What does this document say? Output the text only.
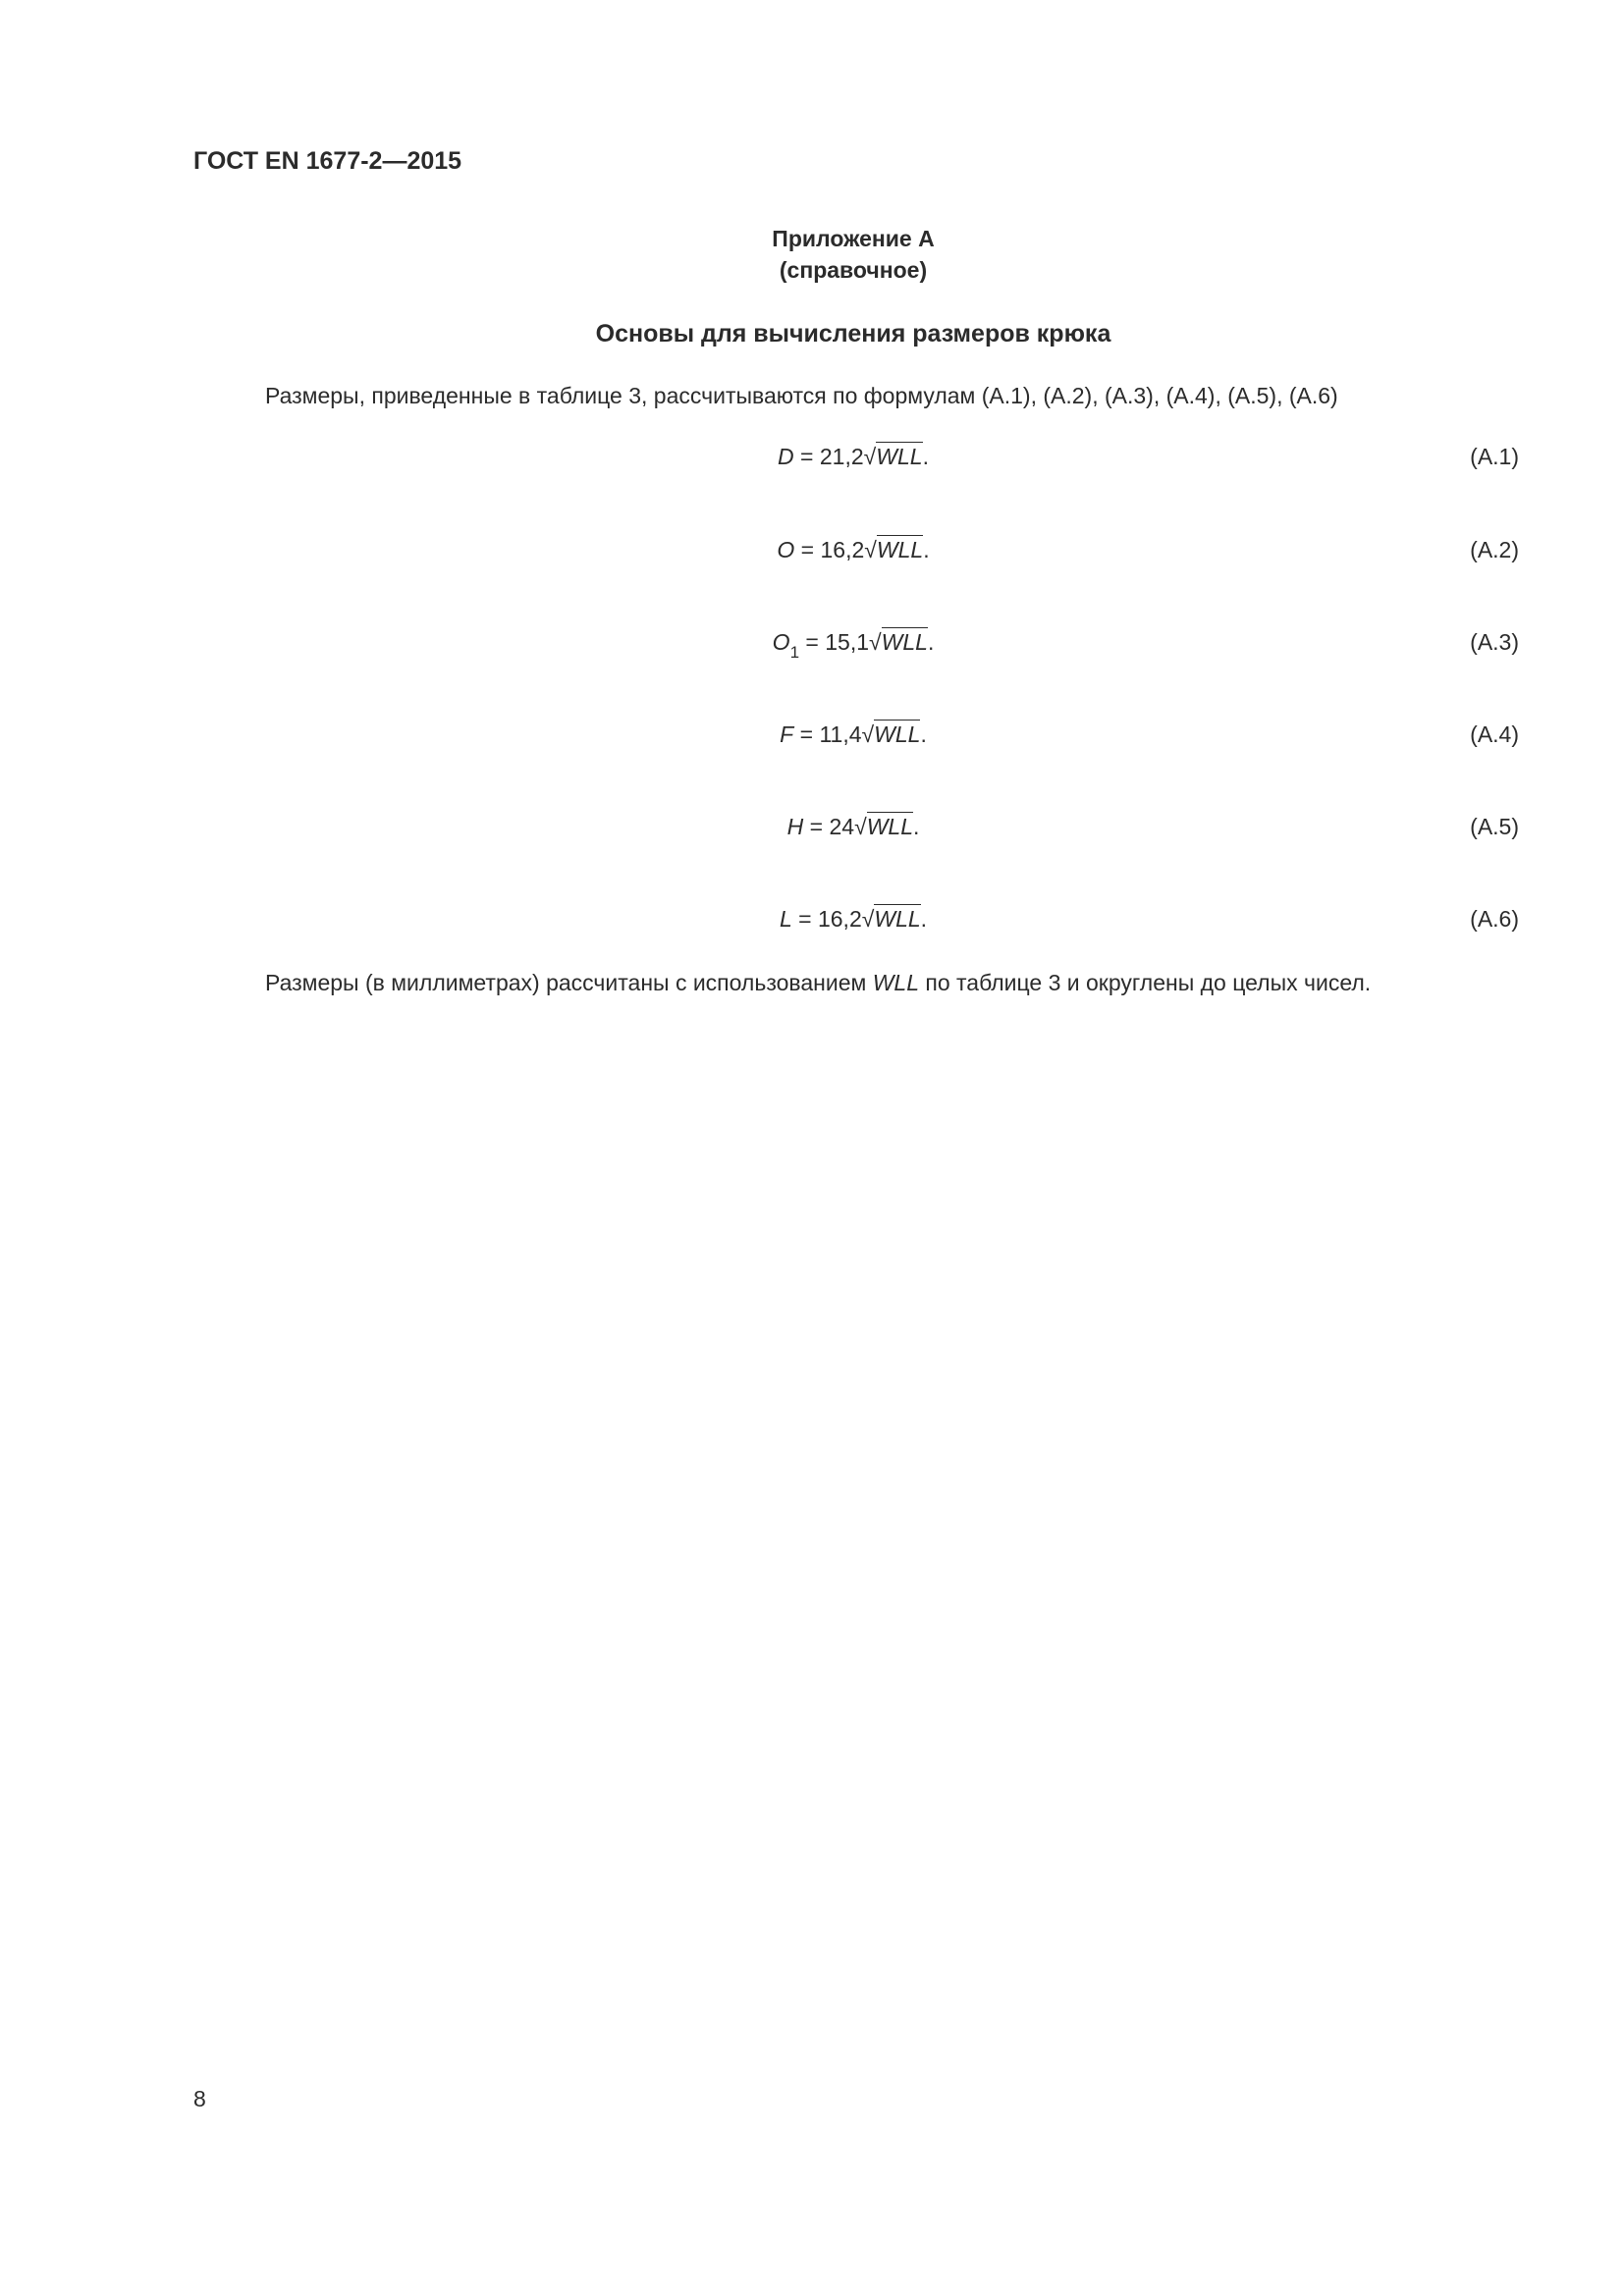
ГОСТ EN 1677-2—2015
Приложение А
(справочное)
Основы для вычисления размеров крюка
Размеры, приведенные в таблице 3, рассчитываются по формулам (А.1), (А.2), (А.3), (А.4), (А.5), (А.6)
D = 21,2√WLL.	(А.1)
O = 16,2√WLL.	(А.2)
$O_1 = 15,1√WLL$.	(А.3)
F = 11,4√WLL.	(А.4)
H = 24√WLL.	(А.5)
L = 16,2√WLL.	(А.6)
Размеры (в миллиметрах) рассчитаны с использованием WLL по таблице 3 и округлены до целых чисел.
8
